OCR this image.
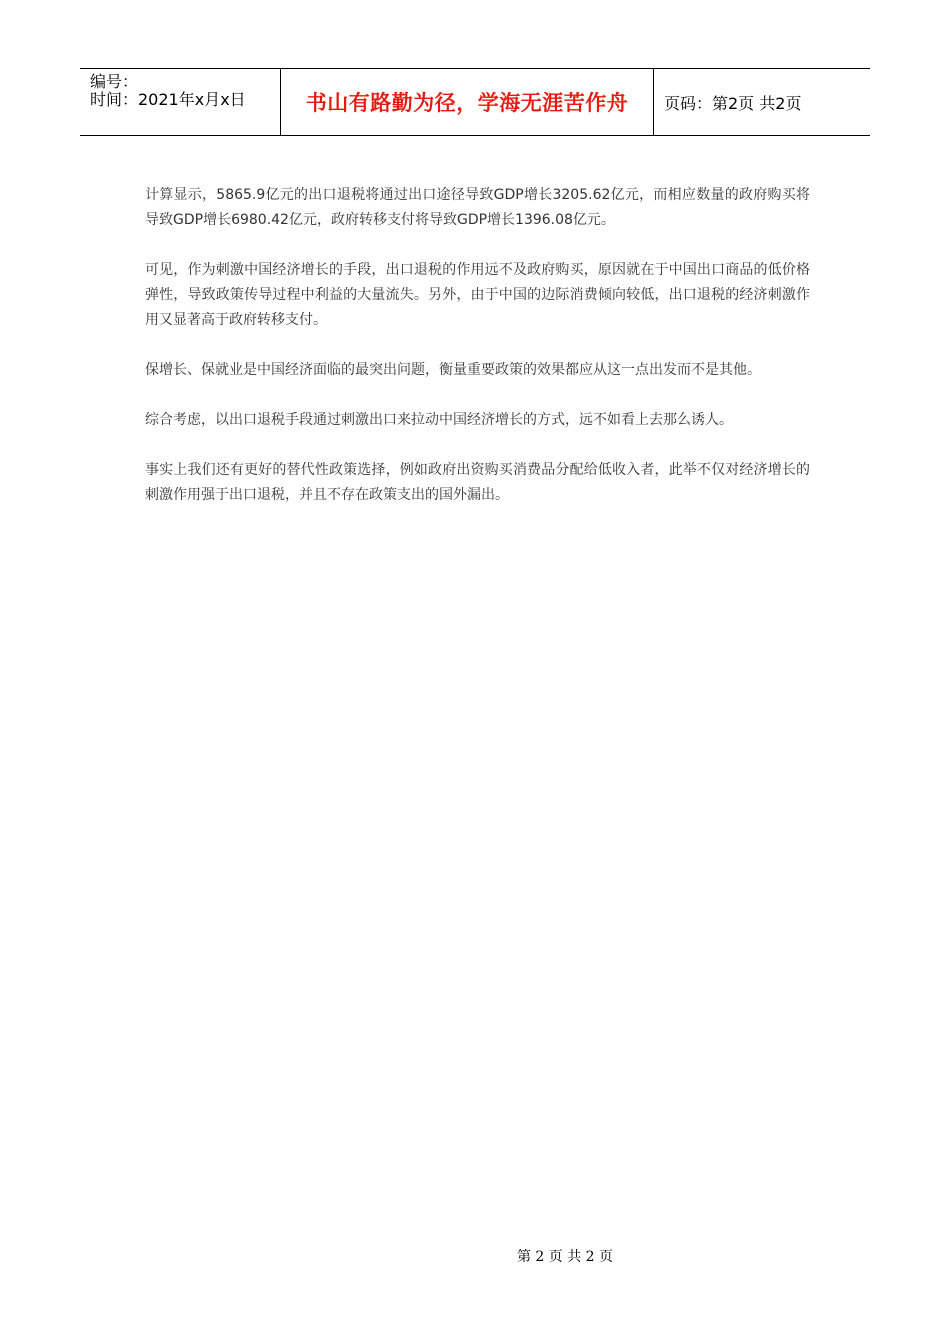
编号：
时间：2021年x月x日	书山有路勤为径，学海无涯苦作舟 页码：第2页 共2页

计算显示，5865.9亿元的出口退税将通过出口途径导致GDP增长3205.62亿元，而相应数量的政府购买将导致GDP增长6980.42亿元，政府转移支付将导致GDP增长1396.08亿元。

可见，作为刺激中国经济增长的手段，出口退税的作用远不及政府购买，原因就在于中国出口商品的低价格弹性，导致政策传导过程中利益的大量流失。另外，由于中国的边际消费倾向较低，出口退税的经济刺激作用又显著高于政府转移支付。

保增长、保就业是中国经济面临的最突出问题，衡量重要政策的效果都应从这一点出发而不是其他。

综合考虑，以出口退税手段通过刺激出口来拉动中国经济增长的方式，远不如看上去那么诱人。

事实上我们还有更好的替代性政策选择，例如政府出资购买消费品分配给低收入者，此举不仅对经济增长的刺激作用强于出口退税，并且不存在政策支出的国外漏出。

第 2 页 共 2 页
